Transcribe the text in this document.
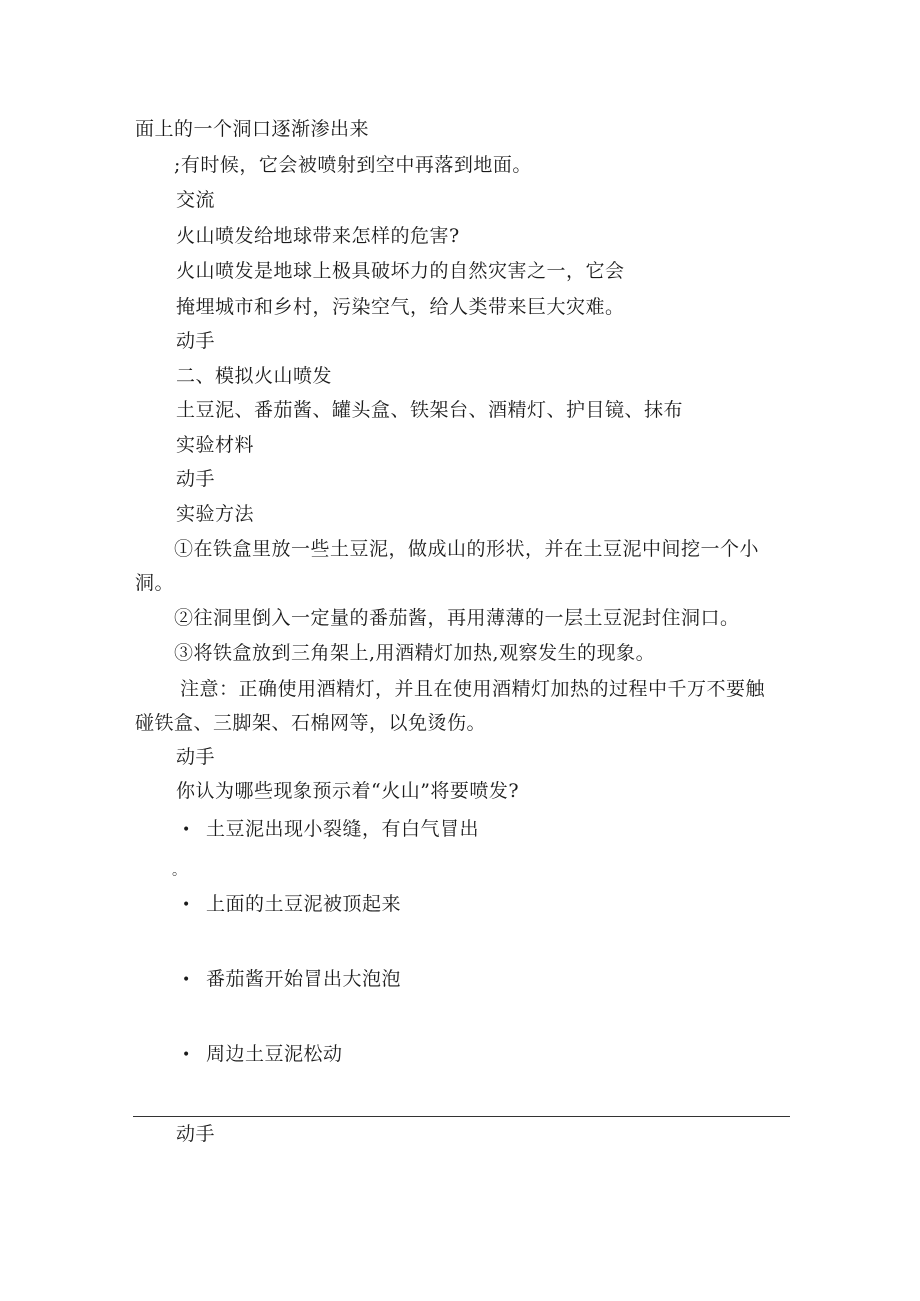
面上的一个洞口逐渐渗出来
;有时候，它会被喷射到空中再落到地面。
交流
火山喷发给地球带来怎样的危害?
火山喷发是地球上极具破坏力的自然灾害之一，它会
掩埋城市和乡村，污染空气，给人类带来巨大灾难。
动手
二、模拟火山喷发
土豆泥、番茄酱、罐头盒、铁架台、酒精灯、护目镜、抹布
实验材料
动手
实验方法
①在铁盒里放一些土豆泥，做成山的形状，并在土豆泥中间挖一个小
洞。
②往洞里倒入一定量的番茄酱，再用薄薄的一层土豆泥封住洞口。
③将铁盒放到三角架上,用酒精灯加热,观察发生的现象。
注意：正确使用酒精灯，并且在使用酒精灯加热的过程中千万不要触
碰铁盒、三脚架、石棉网等，以免烫伤。
动手
你认为哪些现象预示着“火山”将要喷发?
• 土豆泥出现小裂缝，有白气冒出
。
• 上面的土豆泥被顶起来
• 番茄酱开始冒出大泡泡
• 周边土豆泥松动
动手
